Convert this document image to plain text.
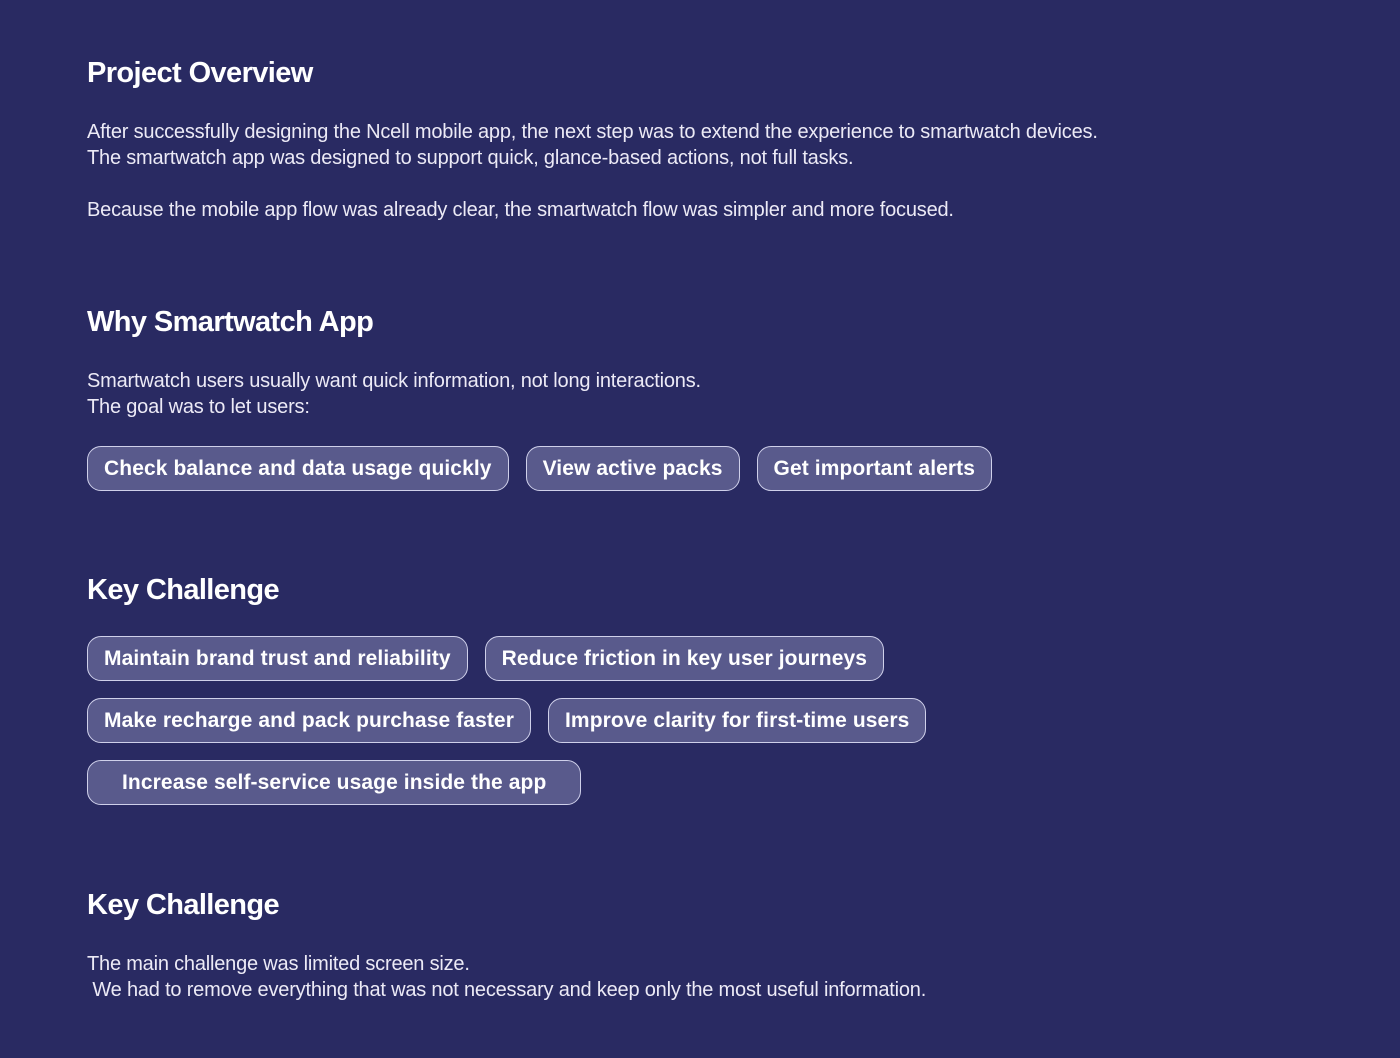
Project Overview

After successfully designing the Ncell mobile app, the next step was to extend the experience to smartwatch devices.
The smartwatch app was designed to support quick, glance-based actions, not full tasks.

Because the mobile app flow was already clear, the smartwatch flow was simpler and more focused.

Why Smartwatch App

Smartwatch users usually want quick information, not long interactions.
The goal was to let users:

Check balance and data usage quickly	View active packs	Get important alerts
Key Challenge
Maintain brand trust and reliability	Reduce friction in key user journeys
Make recharge and pack purchase faster	Improve clarity for first-time users
Increase self-service usage inside the app
Key Challenge

The main challenge was limited screen size.
We had to remove everything that was not necessary and keep only the most useful information.
